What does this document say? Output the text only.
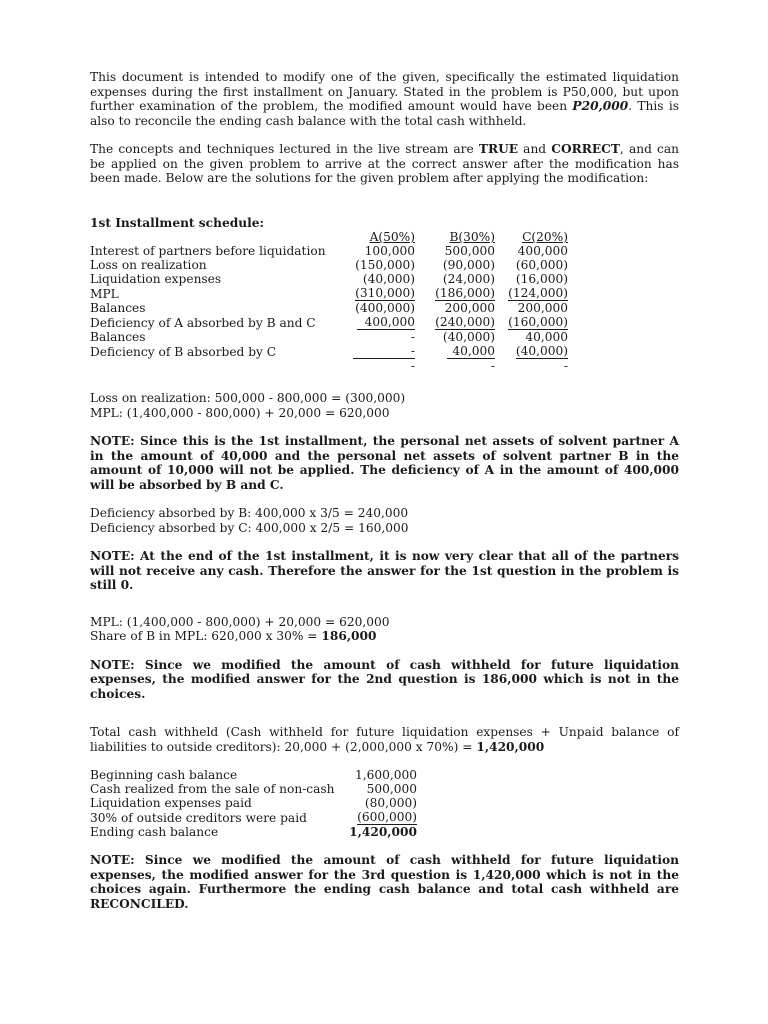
This document is intended to modify one of the given, specifically the estimated liquidation expenses during the first installment on January. Stated in the problem is P50,000, but upon further examination of the problem, the modified amount would have been P20,000. This is also to reconcile the ending cash balance with the total cash withheld.

The concepts and techniques lectured in the live stream are TRUE and CORRECT, and can be applied on the given problem to arrive at the correct answer after the modification has been made. Below are the solutions for the given problem after applying the modification:

1st Installment schedule:
	A(50%)	B(30%)	C(20%)
Interest of partners before liquidation	100,000	500,000	400,000
Loss on realization	(150,000)	(90,000)	(60,000)
Liquidation expenses	(40,000)	(24,000)	(16,000)
MPL	(310,000)	(186,000)	(124,000)
Balances	(400,000)	200,000	200,000
Deficiency of A absorbed by B and C	400,000	(240,000)	(160,000)
Balances	-	(40,000)	40,000
Deficiency of B absorbed by C	-	40,000	(40,000)
	-	-	-
Loss on realization: 500,000 - 800,000 = (300,000)
MPL: (1,400,000 - 800,000) + 20,000 = 620,000

NOTE: Since this is the 1st installment, the personal net assets of solvent partner A in the amount of 40,000 and the personal net assets of solvent partner B in the amount of 10,000 will not be applied. The deficiency of A in the amount of 400,000 will be absorbed by B and C.

Deficiency absorbed by B: 400,000 x 3/5 = 240,000
Deficiency absorbed by C: 400,000 x 2/5 = 160,000

NOTE: At the end of the 1st installment, it is now very clear that all of the partners will not receive any cash. Therefore the answer for the 1st question in the problem is still 0.

MPL: (1,400,000 - 800,000) + 20,000 = 620,000
Share of B in MPL: 620,000 x 30% = 186,000

NOTE: Since we modified the amount of cash withheld for future liquidation expenses, the modified answer for the 2nd question is 186,000 which is not in the choices.

Total cash withheld (Cash withheld for future liquidation expenses + Unpaid balance of liabilities to outside creditors): 20,000 + (2,000,000 x 70%) = 1,420,000

Beginning cash balance	1,600,000
Cash realized from the sale of non-cash	500,000
Liquidation expenses paid	(80,000)
30% of outside creditors were paid	(600,000)
Ending cash balance	1,420,000

NOTE: Since we modified the amount of cash withheld for future liquidation expenses, the modified answer for the 3rd question is 1,420,000 which is not in the choices again. Furthermore the ending cash balance and total cash withheld are RECONCILED.
